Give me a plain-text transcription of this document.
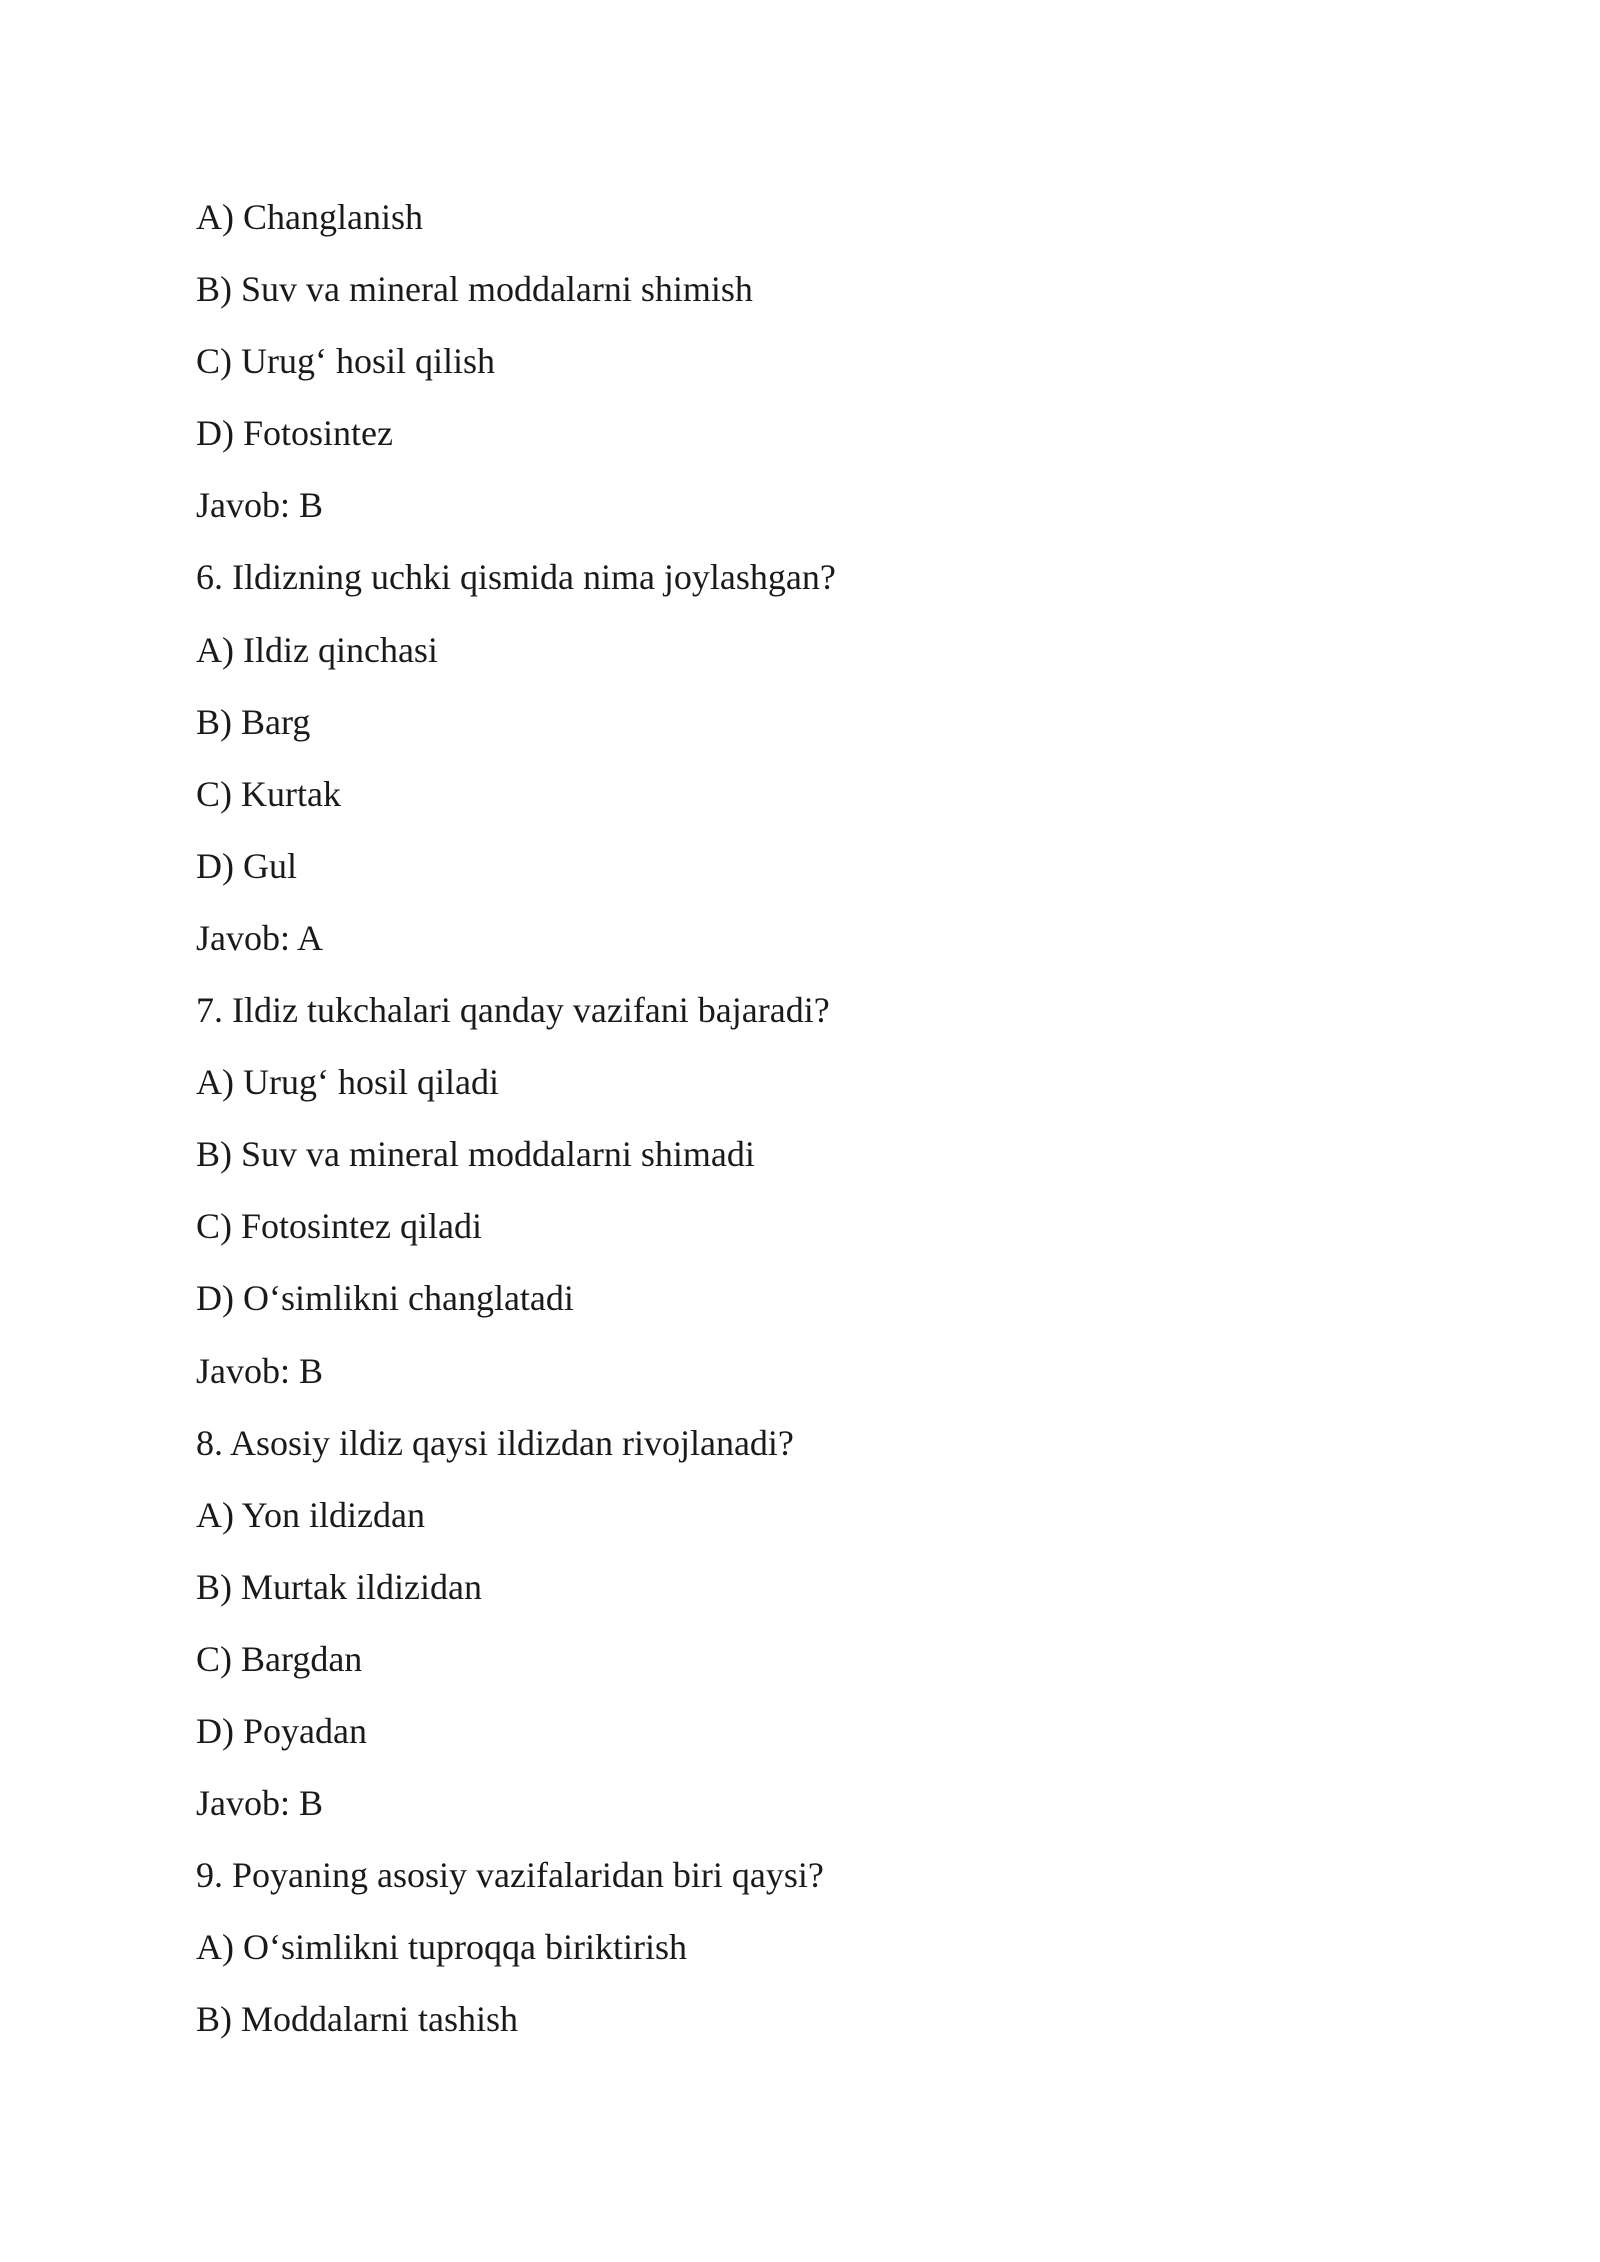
A) Changlanish
B) Suv va mineral moddalarni shimish
C) Urug‘ hosil qilish
D) Fotosintez
Javob: B
6. Ildizning uchki qismida nima joylashgan?
A) Ildiz qinchasi
B) Barg
C) Kurtak
D) Gul
Javob: A
7. Ildiz tukchalari qanday vazifani bajaradi?
A) Urug‘ hosil qiladi
B) Suv va mineral moddalarni shimadi
C) Fotosintez qiladi
D) O‘simlikni changlatadi
Javob: B
8. Asosiy ildiz qaysi ildizdan rivojlanadi?
A) Yon ildizdan
B) Murtak ildizidan
C) Bargdan
D) Poyadan
Javob: B
9. Poyaning asosiy vazifalaridan biri qaysi?
A) O‘simlikni tuproqqa biriktirish
B) Moddalarni tashish
